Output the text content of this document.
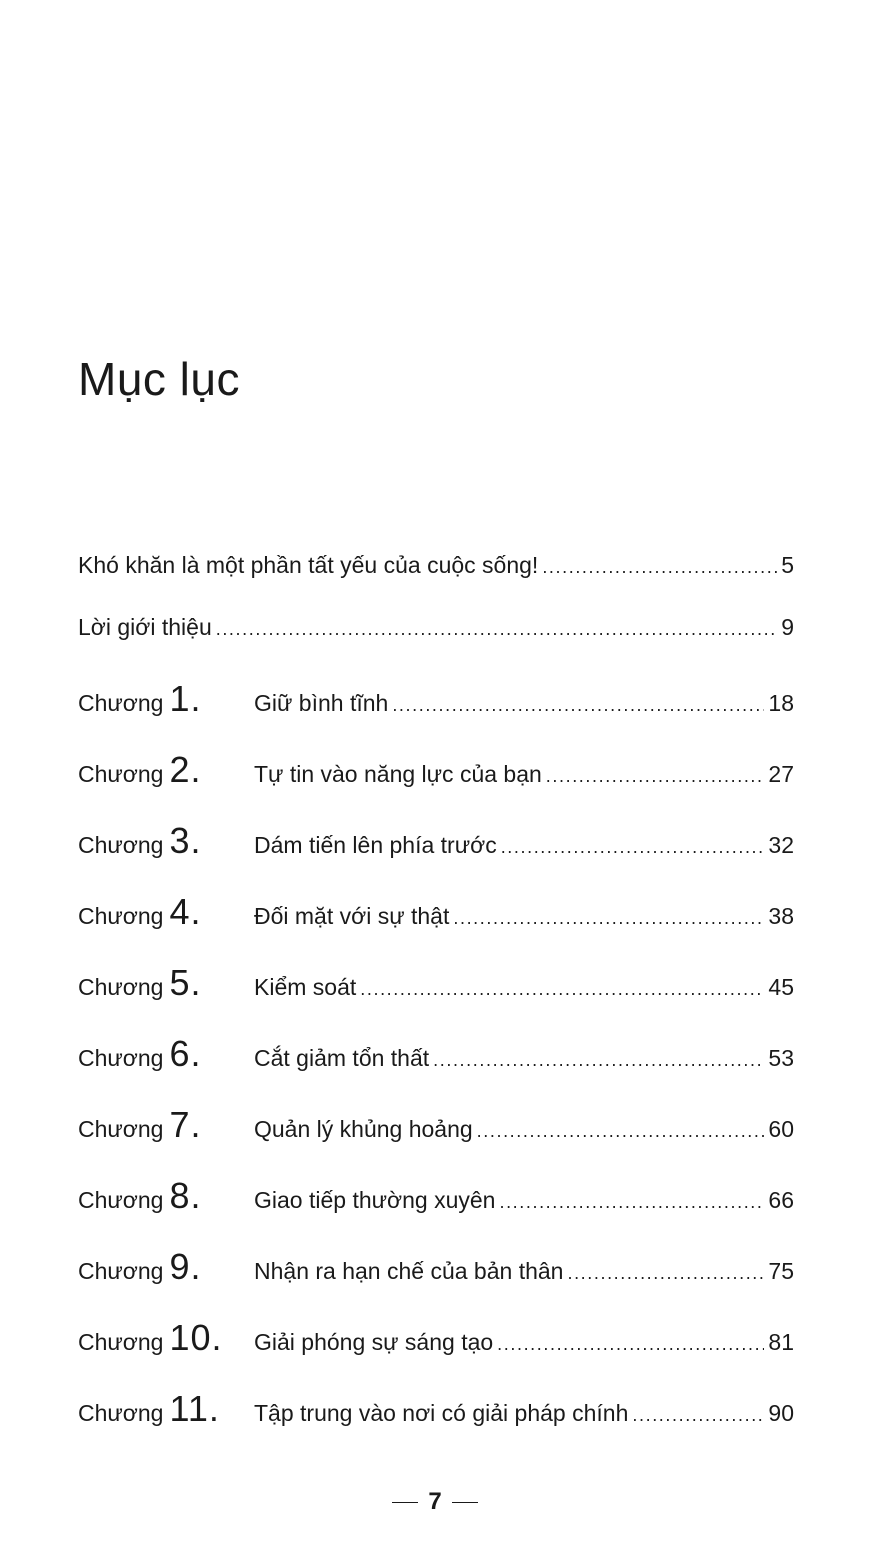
Mục lục
Khó khăn là một phần tất yếu của cuộc sống! .....	5
Lời giới thiệu .....	9
Chương 1. Giữ bình tĩnh .....	18
Chương 2. Tự tin vào năng lực của bạn .....	27
Chương 3. Dám tiến lên phía trước .....	32
Chương 4. Đối mặt với sự thật .....	38
Chương 5. Kiểm soát .....	45
Chương 6. Cắt giảm tổn thất .....	53
Chương 7. Quản lý khủng hoảng .....	60
Chương 8. Giao tiếp thường xuyên .....	66
Chương 9. Nhận ra hạn chế của bản thân .....	75
Chương 10. Giải phóng sự sáng tạo .....	81
Chương 11. Tập trung vào nơi có giải pháp chính .....	90
7
